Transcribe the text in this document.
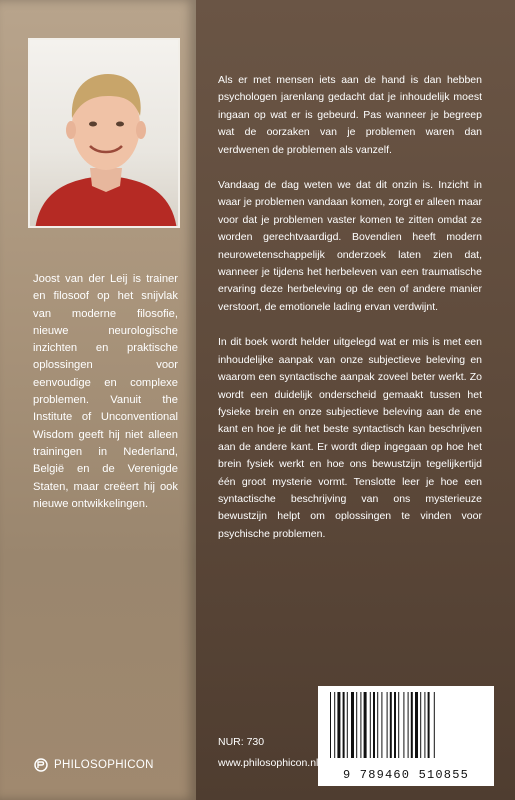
Joost van der Leij is trainer en filosoof op het snijvlak van moderne filosofie, nieuwe neurologische inzichten en praktische oplossingen voor eenvoudige en complexe problemen. Vanuit the Institute of Unconventional Wisdom geeft hij niet alleen trainingen in Nederland, België en de Verenigde Staten, maar creëert hij ook nieuwe ontwikkelingen.

PHILOSOPHICON

Als er met mensen iets aan de hand is dan hebben psychologen jarenlang gedacht dat je inhoudelijk moest ingaan op wat er is gebeurd. Pas wanneer je begreep wat de oorzaken van je problemen waren dan verdwenen de problemen als vanzelf.

Vandaag de dag weten we dat dit onzin is. Inzicht in waar je problemen vandaan komen, zorgt er alleen maar voor dat je problemen vaster komen te zitten omdat ze worden gerechtvaardigd. Bovendien heeft modern neurowetenschappelijk onderzoek laten zien dat, wanneer je tijdens het herbeleven van een traumatische ervaring deze herbeleving op de een of andere manier verstoort, de emotionele lading ervan verdwijnt.

In dit boek wordt helder uitgelegd wat er mis is met een inhoudelijke aanpak van onze subjectieve beleving en waarom een syntactische aanpak zoveel beter werkt. Zo wordt een duidelijk onderscheid gemaakt tussen het fysieke brein en onze subjectieve beleving aan de ene kant en hoe je dit het beste syntactisch kan beschrijven aan de andere kant. Er wordt diep ingegaan op hoe het brein fysiek werkt en hoe ons bewustzijn tegelijkertijd één groot mysterie vormt. Tenslotte leer je hoe een syntactische beschrijving van ons mysterieuze bewustzijn helpt om oplossingen te vinden voor psychische problemen.

NUR: 730
www.philosophicon.nl
9 789460 510855
